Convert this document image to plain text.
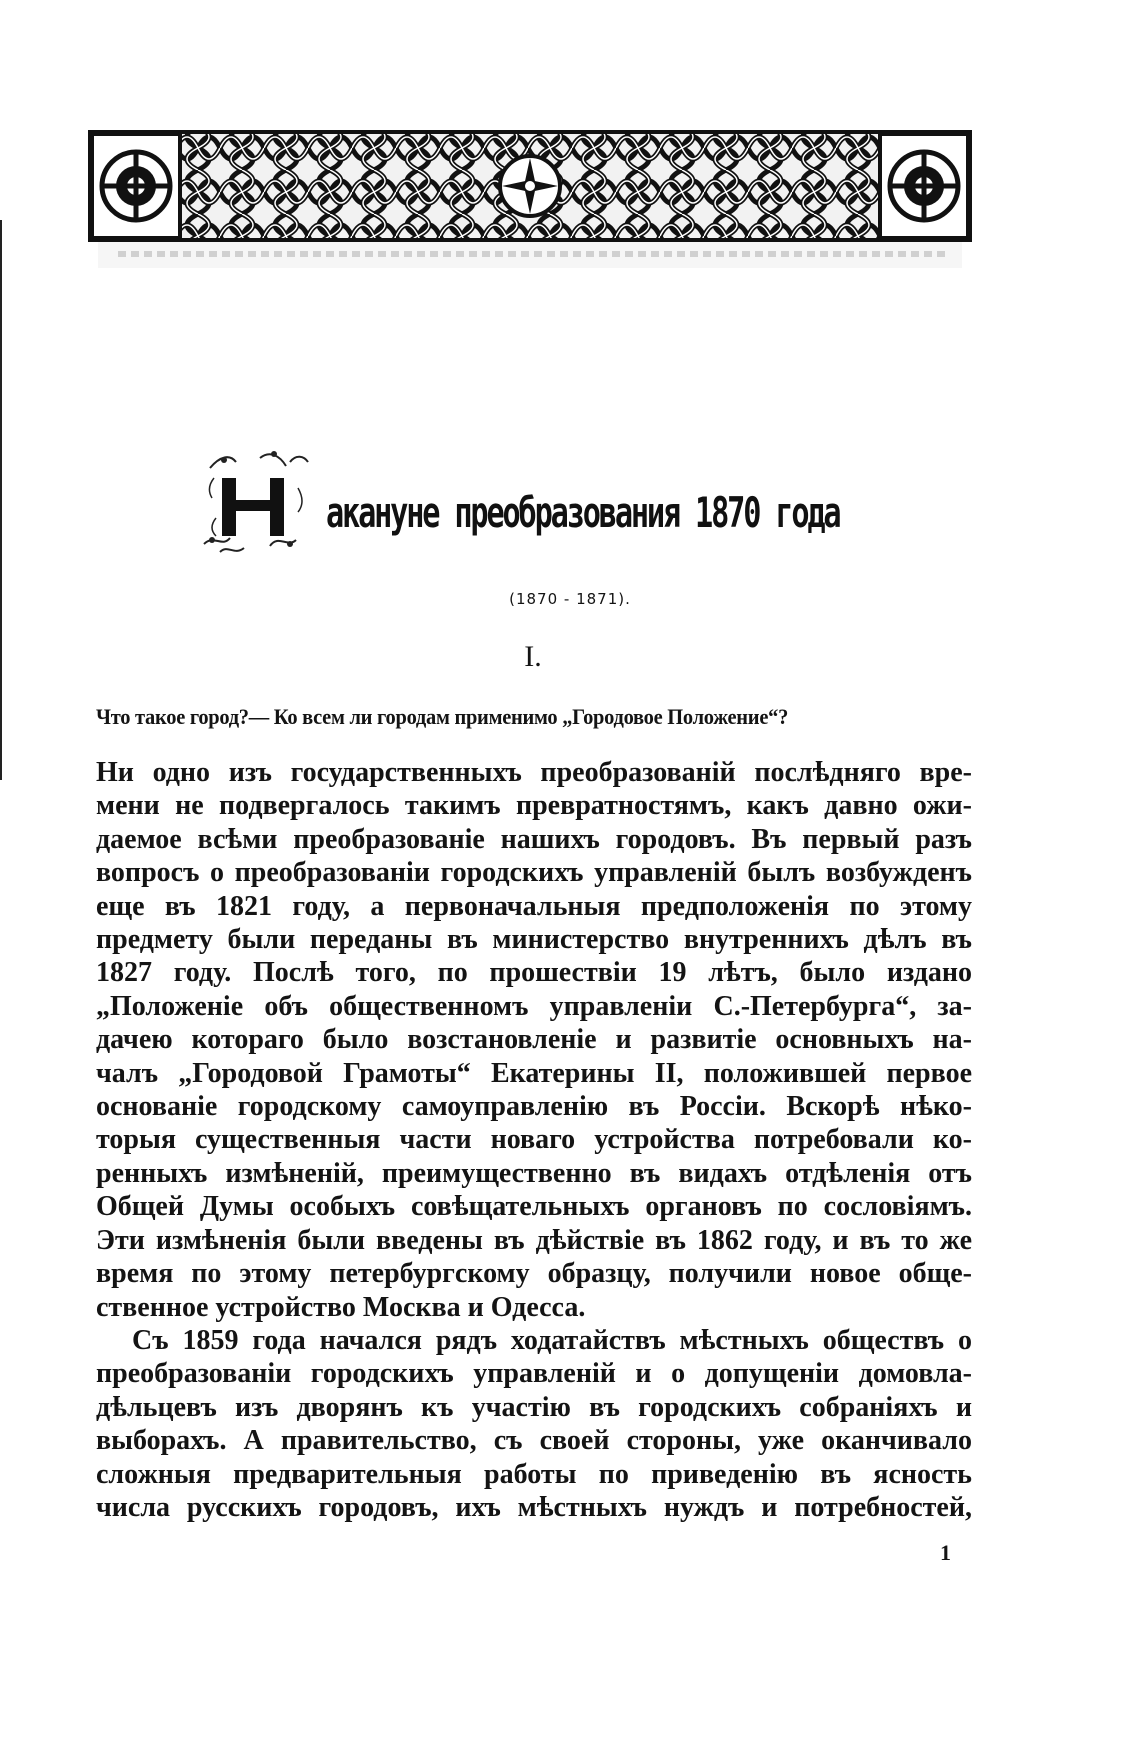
акануне преобразования 1870 года
(1870 - 1871).
I.
Что такое город?— Ко всем ли городам применимо „Городовое Положение“?

Ни одно изъ государственныхъ преобразованій послѣдняго вре-

мени не подвергалось такимъ превратностямъ, какъ давно ожи-

даемое всѣми преобразованіе нашихъ городовъ. Въ первый разъ

вопросъ о преобразованіи городскихъ управленій былъ возбужденъ

еще въ 1821 году, а первоначальныя предположенія по этому

предмету были переданы въ министерство внутреннихъ дѣлъ въ

1827 году. Послѣ того, по прошествіи 19 лѣтъ, было издано

„Положеніе объ общественномъ управленіи С.-Петербурга“, за-

дачею котораго было возстановленіе и развитіе основныхъ на-

чалъ „Городовой Грамоты“ Екатерины II, положившей первое

основаніе городскому самоуправленію въ Россіи. Вскорѣ нѣко-

торыя существенныя части новаго устройства потребовали ко-

ренныхъ измѣненій, преимущественно въ видахъ отдѣленія отъ

Общей Думы особыхъ совѣщательныхъ органовъ по сословіямъ.

Эти измѣненія были введены въ дѣйствіе въ 1862 году, и въ то же

время по этому петербургскому образцу, получили новое обще-

ственное устройство Москва и Одесса.

Съ 1859 года начался рядъ ходатайствъ мѣстныхъ обществъ о

преобразованіи городскихъ управленій и о допущеніи домовла-

дѣльцевъ изъ дворянъ къ участію въ городскихъ собраніяхъ и

выборахъ. А правительство, съ своей стороны, уже оканчивало

сложныя предварительныя работы по приведенію въ ясность

числа русскихъ городовъ, ихъ мѣстныхъ нуждъ и потребностей,

1
